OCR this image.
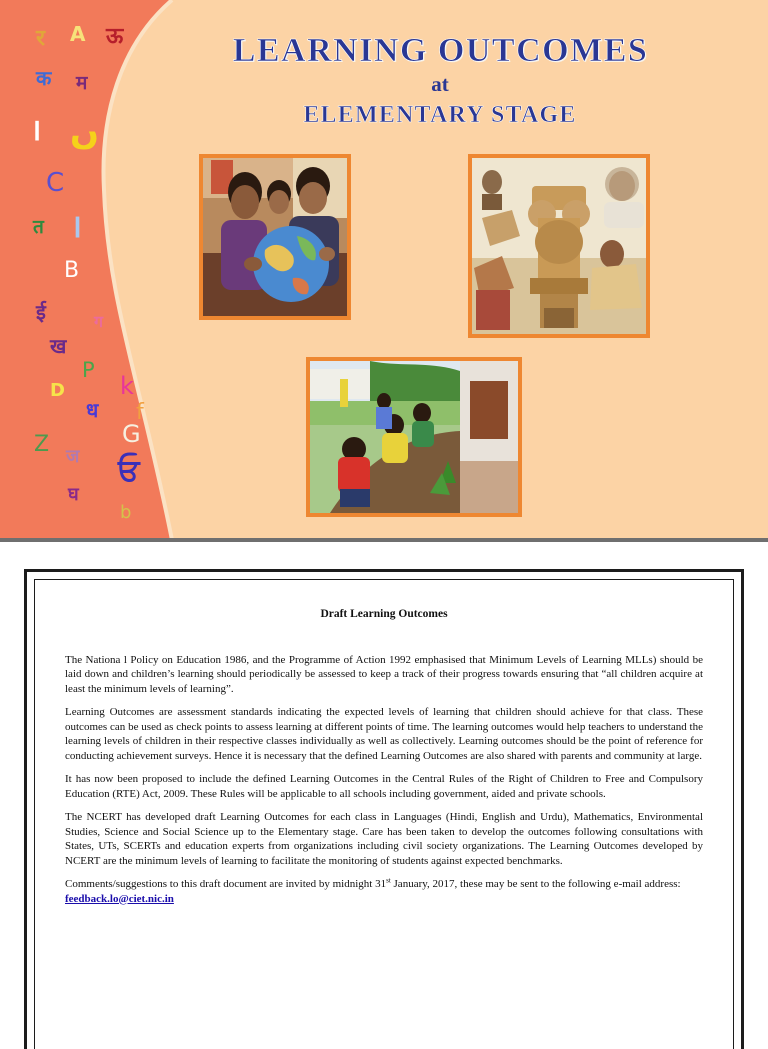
र A ऊ
क म
। ں
C
त ।
B
ई	ग
ख
P
D
ध
k
f
G
Z ज ਓ
घ
b
LEARNING OUTCOMES
at
ELEMENTARY STAGE
Draft Learning Outcomes

The Nationa l Policy on Education 1986, and the Programme of Action 1992 emphasised that Minimum Levels of Learning MLLs) should be laid down and children’s learning should periodically be assessed to keep a track of their progress towards ensuring that “all children acquire at least the minimum levels of learning”.

Learning Outcomes are assessment standards indicating the expected levels of learning that children should achieve for that class. These outcomes can be used as check points to assess learning at different points of time. The learning outcomes would help teachers to understand the learning levels of children in their respective classes individually as well as collectively. Learning outcomes should be the point of reference for conducting achievement surveys. Hence it is necessary that the defined Learning Outcomes are also shared with parents and community at large.

It has now been proposed to include the defined Learning Outcomes in the Central Rules of the Right of Children to Free and Compulsory Education (RTE) Act, 2009. These Rules will be applicable to all schools including government, aided and private schools.

The NCERT has developed draft Learning Outcomes for each class in Languages (Hindi, English and Urdu), Mathematics, Environmental Studies, Science and Social Science up to the Elementary stage. Care has been taken to develop the outcomes following consultations with States, UTs, SCERTs and education experts from organizations including civil society organizations. The Learning Outcomes developed by NCERT are the minimum levels of learning to facilitate the monitoring of students against expected benchmarks.

Comments/suggestions to this draft document are invited by midnight 31st January, 2017, these may be sent to the following e-mail address:
feedback.lo@ciet.nic.in
